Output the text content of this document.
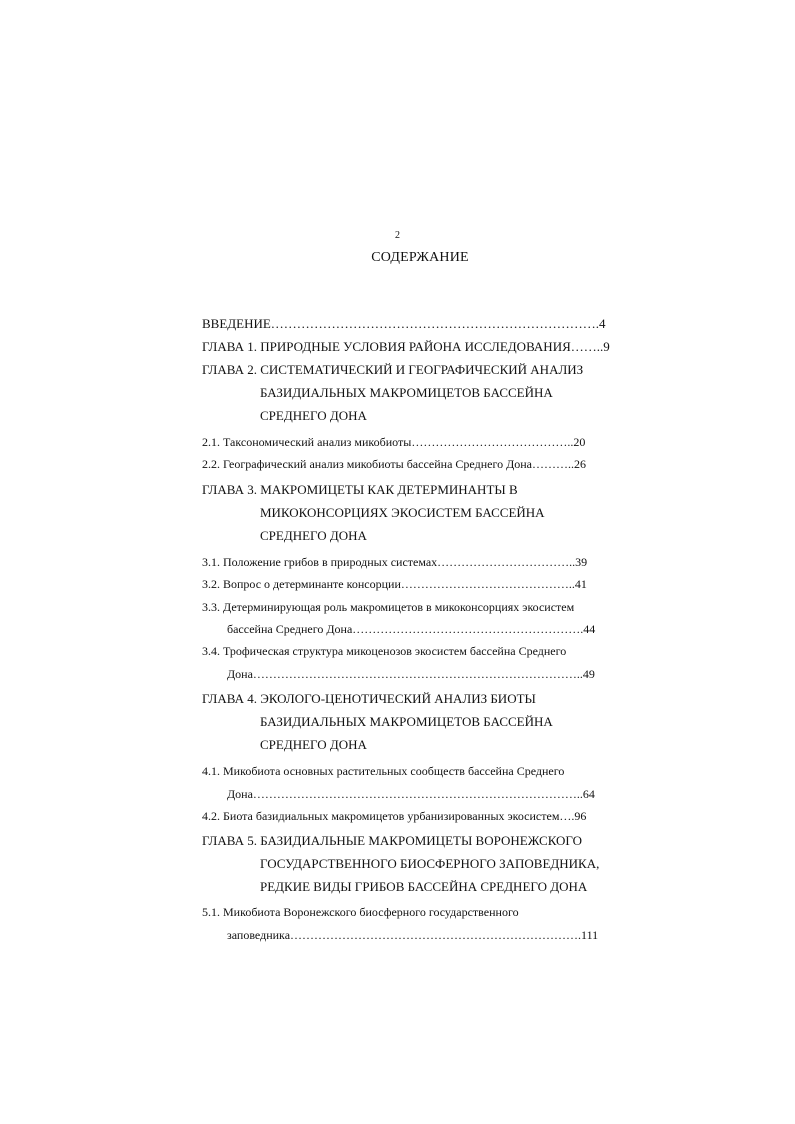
2
СОДЕРЖАНИЕ
ВВЕДЕНИЕ………………………………………………………………….4
ГЛАВА 1. ПРИРОДНЫЕ УСЛОВИЯ РАЙОНА ИССЛЕДОВАНИЯ……..9
ГЛАВА 2. СИСТЕМАТИЧЕСКИЙ И ГЕОГРАФИЧЕСКИЙ АНАЛИЗ
БАЗИДИАЛЬНЫХ МАКРОМИЦЕТОВ БАССЕЙНА
СРЕДНЕГО ДОНА
2.1. Таксономический анализ микобиоты…………………………………..20
2.2. Географический анализ микобиоты бассейна Среднего Дона………..26
ГЛАВА 3. МАКРОМИЦЕТЫ КАК ДЕТЕРМИНАНТЫ В
МИКОКОНСОРЦИЯХ ЭКОСИСТЕМ БАССЕЙНА
СРЕДНЕГО ДОНА
3.1. Положение грибов в природных системах……………………………..39
3.2. Вопрос о детерминанте консорции……………………………………..41
3.3. Детерминирующая роль макромицетов в микоконсорциях экосистем
бассейна Среднего Дона………………………………………………….44
3.4. Трофическая структура микоценозов экосистем бассейна Среднего
Дона………………………………………………………………………..49
ГЛАВА 4. ЭКОЛОГО-ЦЕНОТИЧЕСКИЙ АНАЛИЗ БИОТЫ
БАЗИДИАЛЬНЫХ МАКРОМИЦЕТОВ БАССЕЙНА
СРЕДНЕГО ДОНА
4.1. Микобиота основных растительных сообществ бассейна Среднего
Дона………………………………………………………………………..64
4.2. Биота базидиальных макромицетов урбанизированных экосистем….96
ГЛАВА 5. БАЗИДИАЛЬНЫЕ МАКРОМИЦЕТЫ ВОРОНЕЖСКОГО
ГОСУДАРСТВЕННОГО БИОСФЕРНОГО ЗАПОВЕДНИКА,
РЕДКИЕ ВИДЫ ГРИБОВ БАССЕЙНА СРЕДНЕГО ДОНА
5.1. Микобиота Воронежского биосферного государственного
заповедника……………………………………………………………….111
